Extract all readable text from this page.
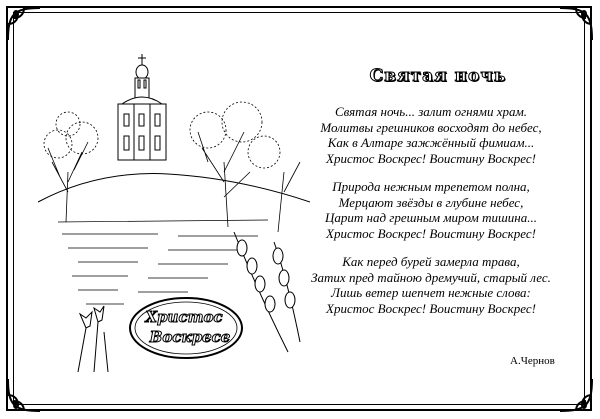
Христос
Воскресе
Святая ночь
Святая ночь... залит огнями храм.
Молитвы грешников восходят до небес,
Как в Алтаре зажжённый фимиам...
Христос Воскрес! Воистину Воскрес!
Природа нежным трепетом полна,
Мерцают звёзды в глубине небес,
Царит над грешным миром тишина...
Христос Воскрес! Воистину Воскрес!
Как перед бурей замерла трава,
Затих пред тайною дремучий, старый лес.
Лишь ветер шепчет нежные слова:
Христос Воскрес! Воистину Воскрес!
А.Чернов
